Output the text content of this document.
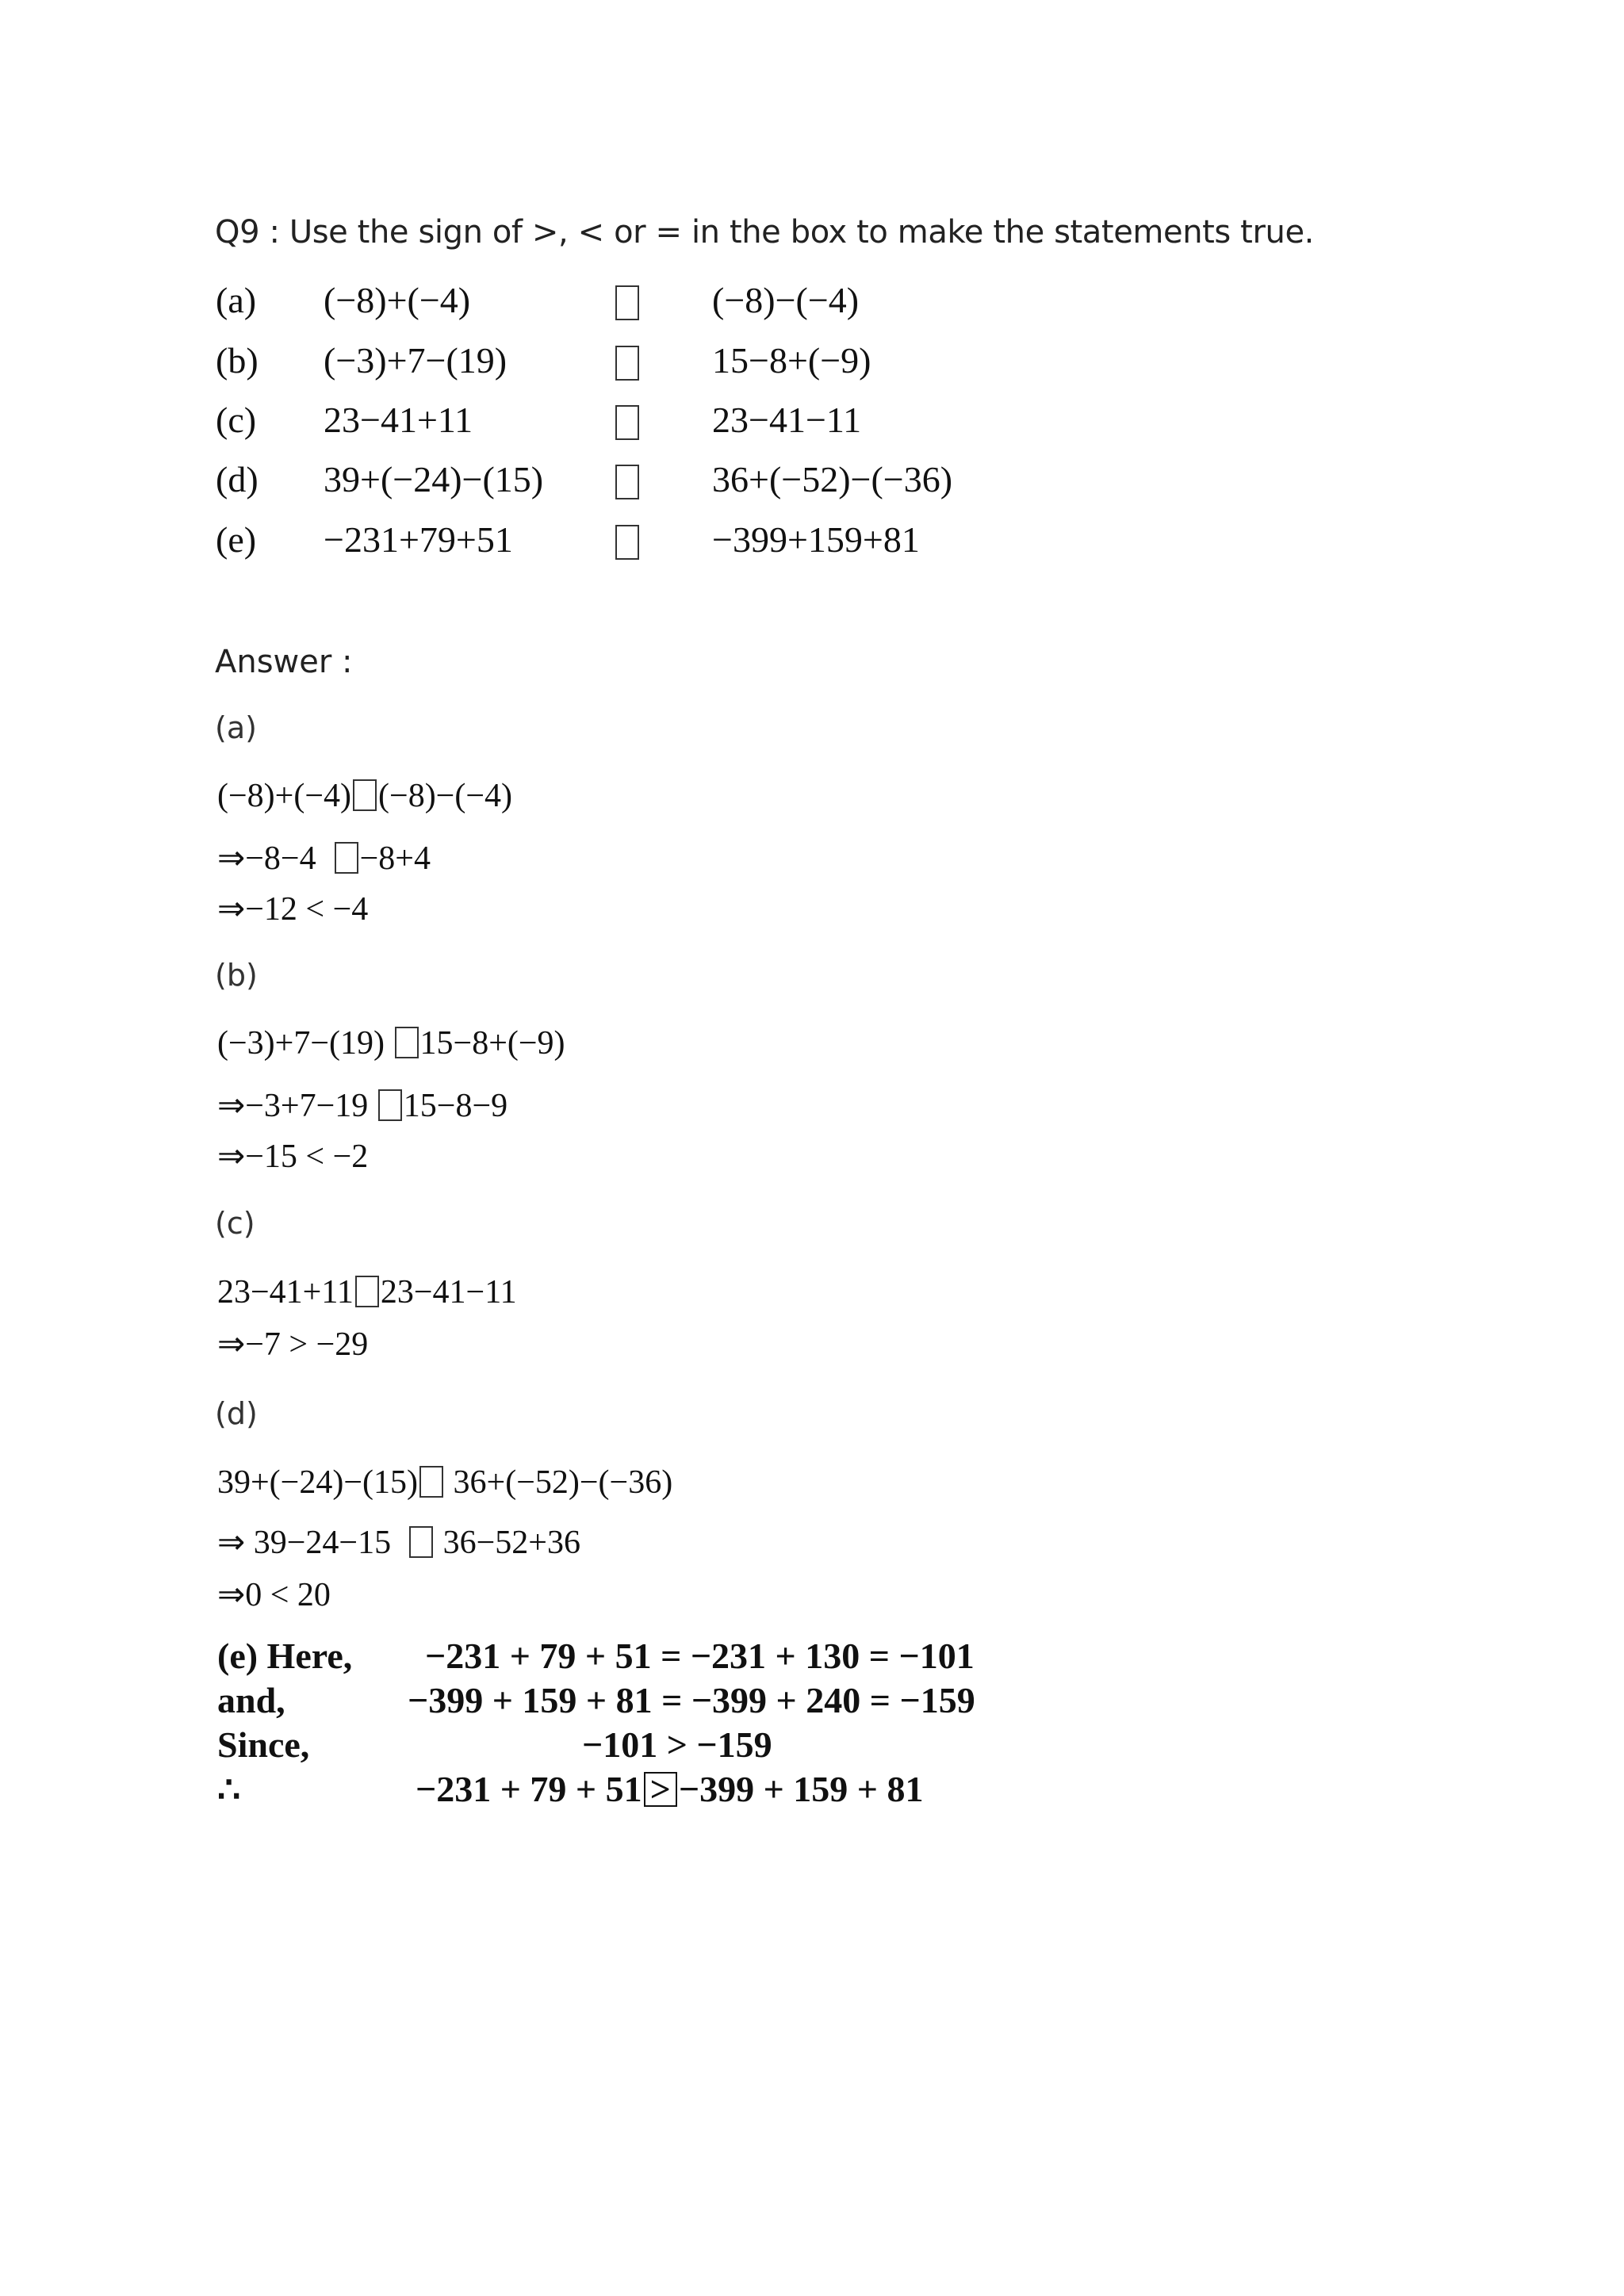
Q9 : Use the sign of >, < or = in the box to make the statements true.
(a) (−8)+(−4)	(−8)−(−4)
(b) (−3)+7−(19)	15−8+(−9)
(c) 23−41+11	23−41−11
(d) 39+(−24)−(15)	36+(−52)−(−36)
(e) −231+79+51	−399+159+81
Answer :
(a)
(−8)+(−4) (−8)−(−4)
⇒−8−4  −8+4
⇒−12 < −4
(b)
(−3)+7−(19) 15−8+(−9)
⇒−3+7−19 15−8−9
⇒−15 < −2
(c)
23−41+11 23−41−11
⇒−7 > −29
(d)
39+(−24)−(15) 36+(−52)−(−36)
⇒ 39−24−15   36−52+36
⇒0 < 20
(e) Here, −231 + 79 + 51 = −231 + 130 = −101
and,	−399 + 159 + 81 = −399 + 240 = −159
Since,	−101 > −159
∴	−231 + 79 + 51 > −399 + 159 + 81
